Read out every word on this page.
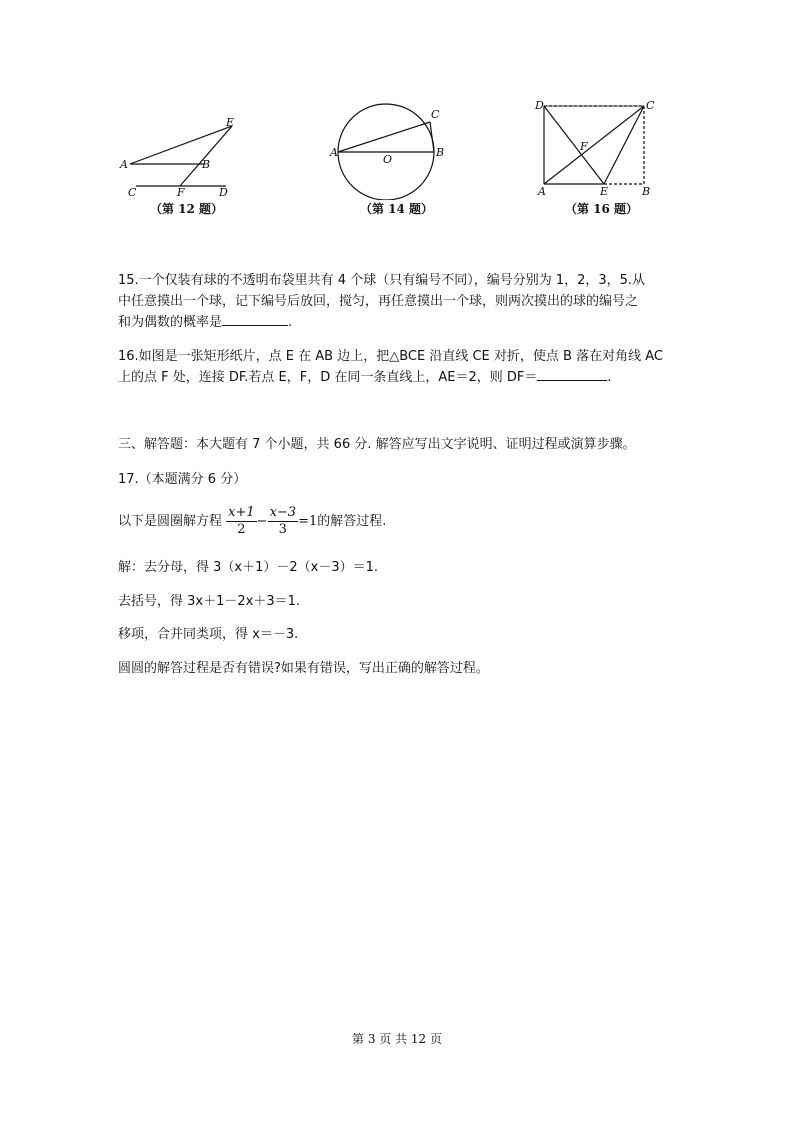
E
A	B
C	F	D
（第 12 题）
C
A
O
B
（第 14 题）
D	C
F
A	E	B
（第 16 题）
15.一个仅装有球的不透明布袋里共有 4 个球（只有编号不同），编号分别为 1，2，3，5.从
中任意摸出一个球，记下编号后放回，搅匀，再任意摸出一个球，则两次摸出的球的编号之
和为偶数的概率是	.
16.如图是一张矩形纸片，点 E 在 AB 边上，把△BCE 沿直线 CE 对折，使点 B 落在对角线 AC
上的点 F 处，连接 DF.若点 E，F，D 在同一条直线上，AE＝2，则 DF＝	.
三、解答题：本大题有 7 个小题，共 66 分. 解答应写出文字说明、证明过程或演算步骤。
17.（本题满分 6 分）
以下是圆圈解方程 $\frac{x+1}{2} - \frac{x-3}{3} =1$的解答过程.
解：去分母，得 3（x＋1）－2（x－3）＝1.
去括号，得 3x＋1－2x＋3＝1.
移项，合并同类项，得 x＝－3.
圆圆的解答过程是否有错误?如果有错误，写出正确的解答过程。
第 3 页 共 12 页
